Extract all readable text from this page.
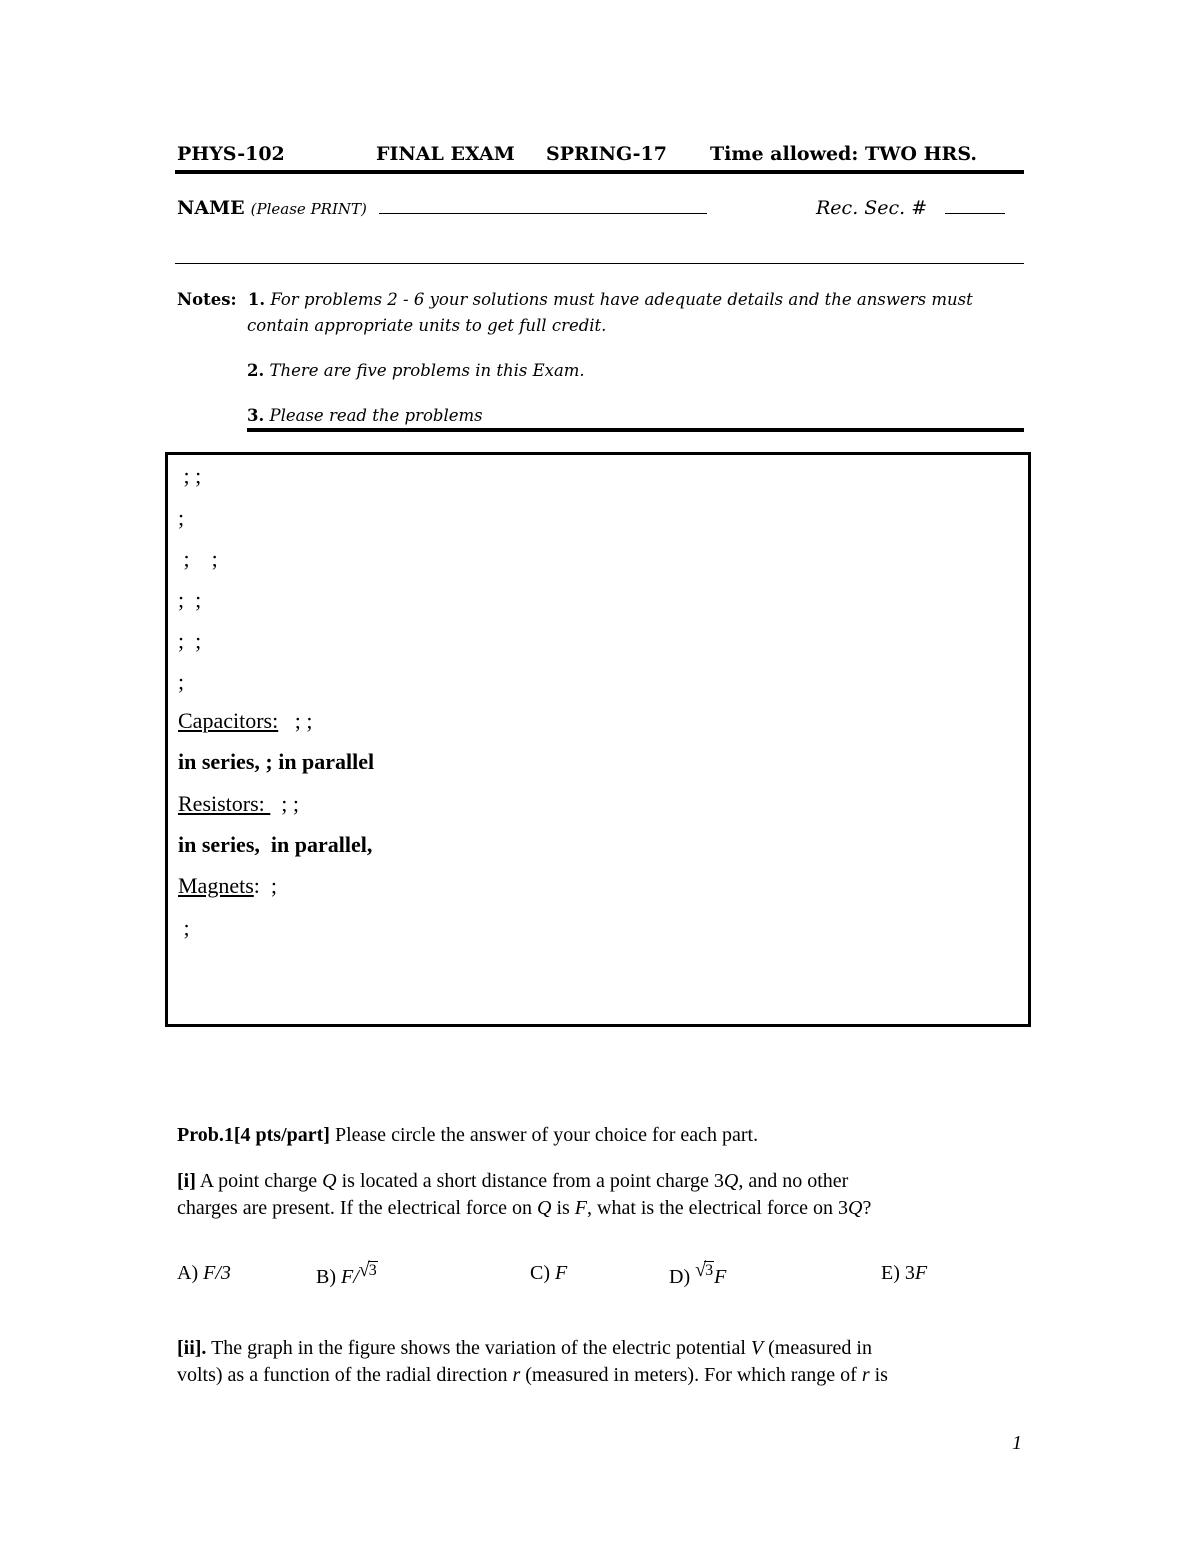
PHYS-102	FINAL EXAM SPRING-17 Time allowed: TWO HRS.
NAME (Please PRINT)	Rec. Sec. #
Notes: 1. For problems 2 - 6 your solutions must have adequate details and the answers must
contain appropriate units to get full credit.
2. There are five problems in this Exam.
3. Please read the problems
; ;
;
;    ;
;  ;
;  ;
;
Capacitors:   ; ;
in series, ; in parallel
Resistors:   ; ;
in series,  in parallel,
Magnets:  ;
;
Prob.1[4 pts/part] Please circle the answer of your choice for each part.
[i] A point charge Q is located a short distance from a point charge 3Q, and no other
charges are present. If the electrical force on Q is F, what is the electrical force on 3Q?
A) F/3	B) F/ √ 3	C) F	D) √ 3F	E) 3F
[ii]. The graph in the figure shows the variation of the electric potential V (measured in
volts) as a function of the radial direction r (measured in meters). For which range of r is
1
